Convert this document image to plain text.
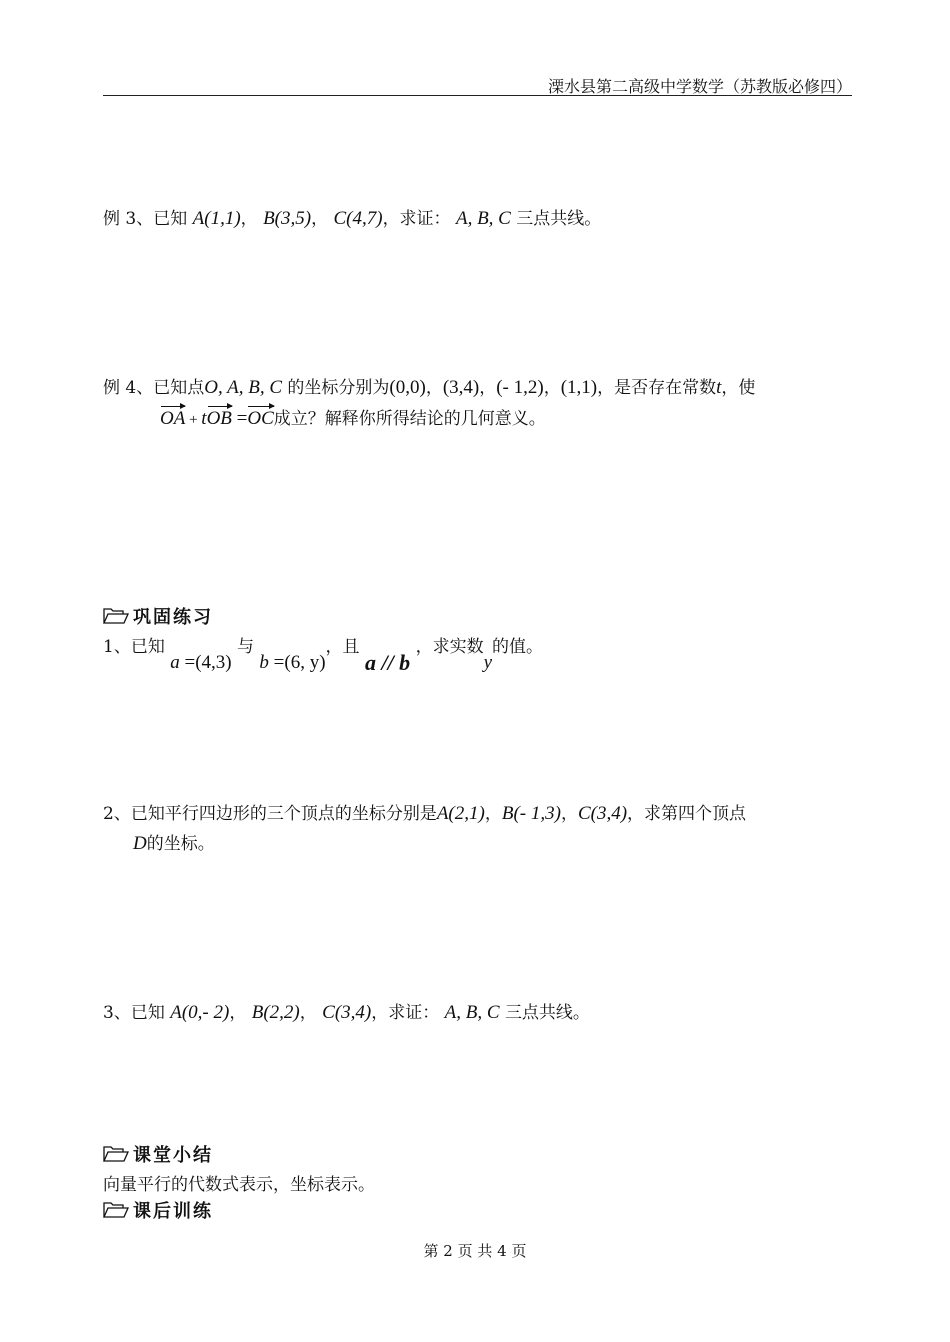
溧水县第二高级中学数学（苏教版必修四）
例 3、已知 A(1,1)， B(3,5)， C(4,7)，求证： A, B, C 三点共线。
例 4、已知点O, A, B, C 的坐标分别为(0,0)，(3,4)，(- 1,2)，(1,1)，是否存在常数t，使
OA + tOB =OC成立？解释你所得结论的几何意义。
巩固练习
1、已知 a =(4,3) 与 b =(6, y)，且 a // b ，求实数y的值。
2、已知平行四边形的三个顶点的坐标分别是A(2,1)，B(- 1,3)，C(3,4)，求第四个顶点
D的坐标。
3、已知 A(0,- 2)， B(2,2)， C(3,4)，求证： A, B, C 三点共线。
课堂小结
向量平行的代数式表示，坐标表示。
课后训练
第 2 页 共 4 页
